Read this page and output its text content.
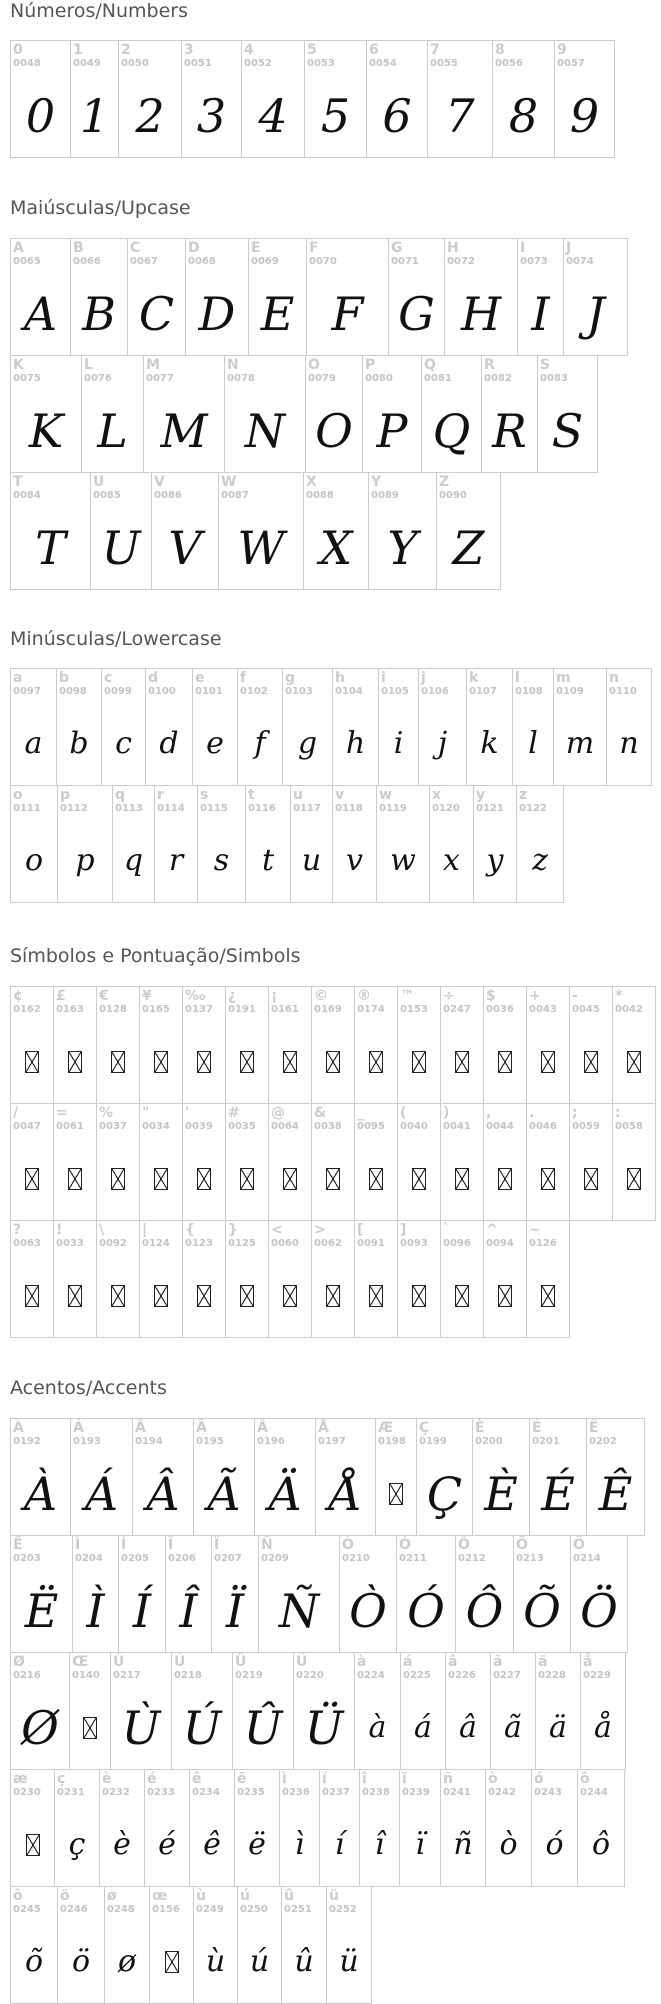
Números/Numbers
0
0048
0
1
0049
1
2
0050
2
3
0051
3
4
0052
4
5
0053
5
6
0054
6
7
0055
7
8
0056
8
9
0057
9
Maiúsculas/Upcase
A
0065
A
B
0066
B
C
0067
C
D
0068
D
E
0069
E
F
0070
F
G
0071
G
H
0072
H
I
0073
I
J
0074
J
K
0075
K
L
0076
L
M
0077
M
N
0078
N
O
0079
O
P
0080
P
Q
0081
Q
R
0082
R
S
0083
S
T
0084
T
U
0085
U
V
0086
V
W
0087
W
X
0088
X
Y
0089
Y
Z
0090
Z
Minúsculas/Lowercase
a
0097
a
b
0098
b
c
0099
c
d
0100
d
e
0101
e
f
0102
f
g
0103
g
h
0104
h
i
0105
i
j
0106
j
k
0107
k
l
0108
l
m
0109
m
n
0110
n
o
0111
o
p
0112
p
q
0113
q
r
0114
r
s
0115
s
t
0116
t
u
0117
u
v
0118
v
w
0119
w
x
0120
x
y
0121
y
z
0122
z
Símbolos e Pontuação/Simbols
¢
0162
£
0163
€
0128
¥
0165
‰
0137
¿
0191
¡
0161
©
0169
®
0174
™
0153
÷
0247
$
0036
+
0043
-
0045
*
0042
/
0047
=
0061
%
0037
"
0034
'
0039
#
0035
@
0064
&
0038
_
0095
(
0040
)
0041
,
0044
.
0046
;
0059
:
0058
?
0063
!
0033
\
0092
|
0124
{
0123
}
0125
<
0060
>
0062
[
0091
]
0093
`
0096
^
0094
~
0126
Acentos/Accents
À
0192
À
Á
0193
Á
Â
0194
Â
Ã
0195
Ã
Ä
0196
Ä
Å
0197
Å
Æ
0198
Ç
0199
Ç
È
0200
È
É
0201
É
Ê
0202
Ê
Ë
0203
Ë
Ì
0204
Ì
Í
0205
Í
Î
0206
Î
Ï
0207
Ï
Ñ
0209
Ñ
Ò
0210
Ò
Ó
0211
Ó
Ô
0212
Ô
Õ
0213
Õ
Ö
0214
Ö
Ø
0216
Ø
Œ
0140
Ù
0217
Ù
Ú
0218
Ú
Û
0219
Û
Ü
0220
Ü
à
0224
à
á
0225
á
â
0226
â
ã
0227
ã
ä
0228
ä
å
0229
å
æ
0230
ç
0231
ç
è
0232
è
é
0233
é
ê
0234
ê
ë
0235
ë
ì
0236
ì
í
0237
í
î
0238
î
ï
0239
ï
ñ
0241
ñ
ò
0242
ò
ó
0243
ó
ô
0244
ô
õ
0245
õ
ö
0246
ö
ø
0248
ø
œ
0156
ù
0249
ù
ú
0250
ú
û
0251
û
ü
0252
ü
